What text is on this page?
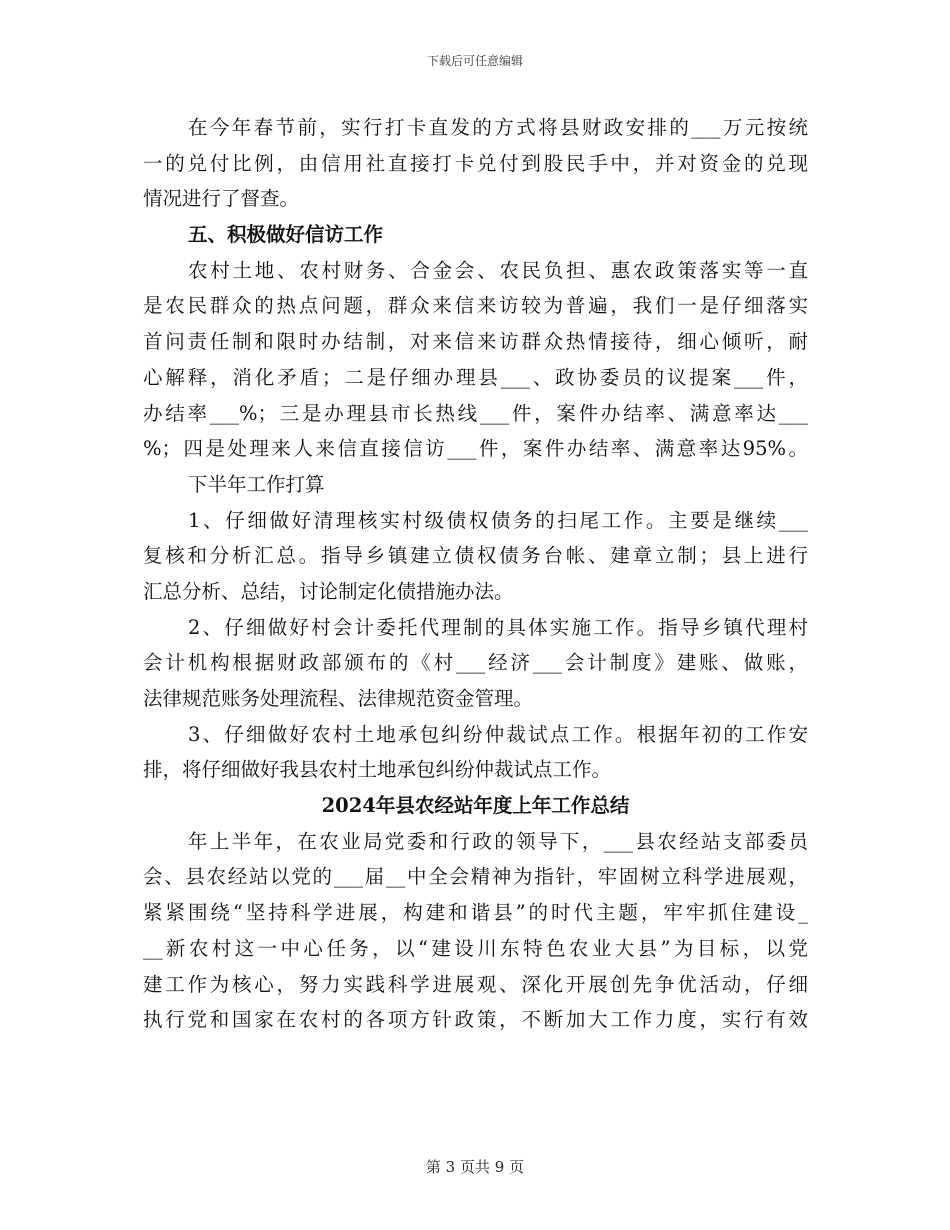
下载后可任意编辑
在今年春节前，实行打卡直发的方式将县财政安排的___万元按统
一的兑付比例，由信用社直接打卡兑付到股民手中，并对资金的兑现
情况进行了督查。
五、积极做好信访工作
农村土地、农村财务、合金会、农民负担、惠农政策落实等一直
是农民群众的热点问题，群众来信来访较为普遍，我们一是仔细落实
首问责任制和限时办结制，对来信来访群众热情接待，细心倾听，耐
心解释，消化矛盾；二是仔细办理县___、政协委员的议提案___件，
办结率___%；三是办理县市长热线___件，案件办结率、满意率达___
%；四是处理来人来信直接信访___件，案件办结率、满意率达95%。
下半年工作打算
1、仔细做好清理核实村级债权债务的扫尾工作。主要是继续___
复核和分析汇总。指导乡镇建立债权债务台帐、建章立制；县上进行
汇总分析、总结，讨论制定化债措施办法。
2、仔细做好村会计委托代理制的具体实施工作。指导乡镇代理村
会计机构根据财政部颁布的《村___经济___会计制度》建账、做账，
法律规范账务处理流程、法律规范资金管理。
3、仔细做好农村土地承包纠纷仲裁试点工作。根据年初的工作安
排，将仔细做好我县农村土地承包纠纷仲裁试点工作。
2024年县农经站年度上年工作总结
年上半年，在农业局党委和行政的领导下，___县农经站支部委员
会、县农经站以党的___届__中全会精神为指针，牢固树立科学进展观，
紧紧围绕“坚持科学进展，构建和谐县”的时代主题，牢牢抓住建设_
__新农村这一中心任务，以“建设川东特色农业大县”为目标，以党
建工作为核心，努力实践科学进展观、深化开展创先争优活动，仔细
执行党和国家在农村的各项方针政策，不断加大工作力度，实行有效
第 3 页共 9 页
